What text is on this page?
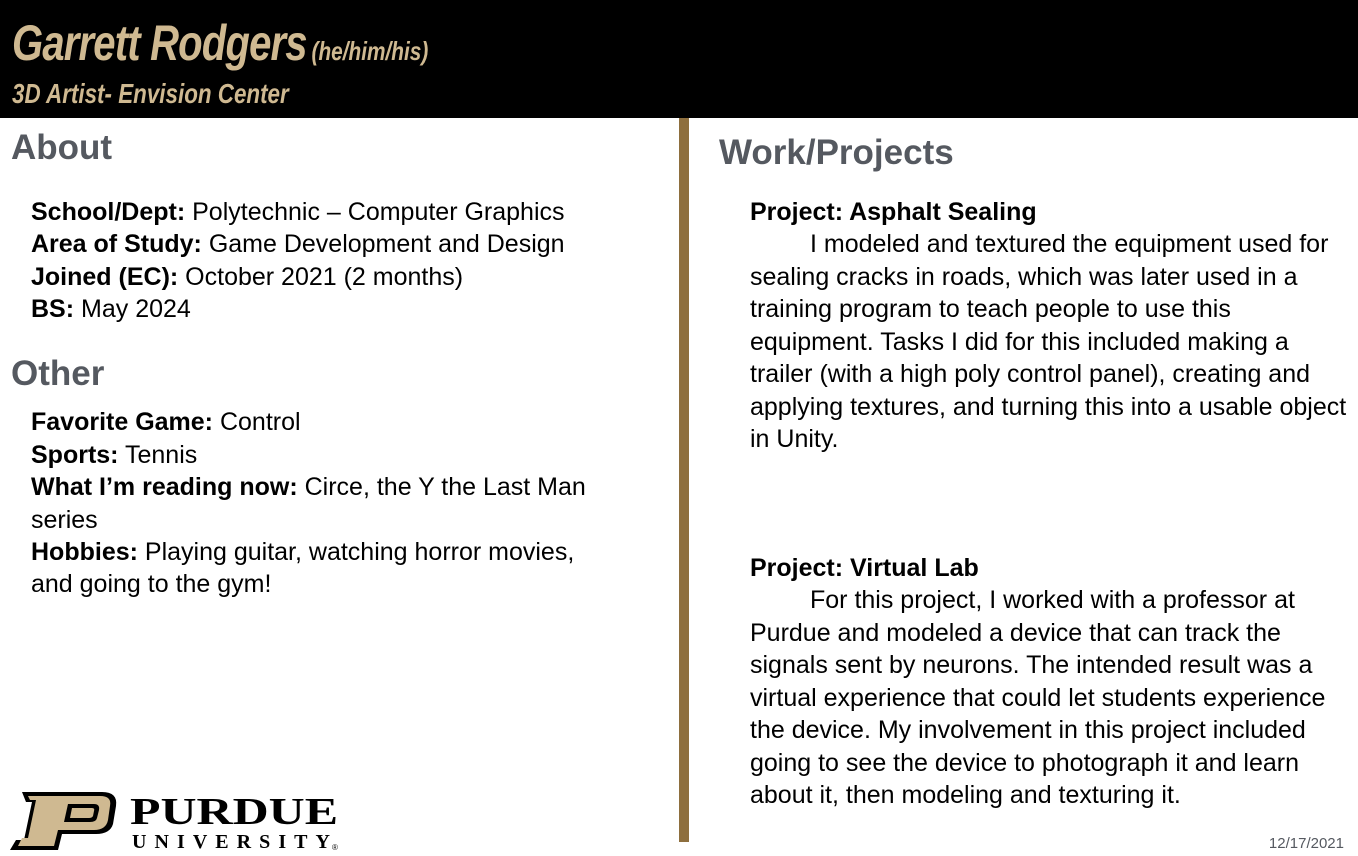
Garrett Rodgers (he/him/his)
3D Artist- Envision Center
About
School/Dept: Polytechnic – Computer Graphics
Area of Study: Game Development and Design
Joined (EC): October 2021 (2 months)
BS: May 2024
Other
Favorite Game: Control
Sports: Tennis
What I’m reading now: Circe, the Y the Last Man
series
Hobbies: Playing guitar, watching horror movies,
and going to the gym!
Work/Projects
Project: Asphalt Sealing
I modeled and textured the equipment used for sealing cracks in roads, which was later used in a training program to teach people to use this equipment. Tasks I did for this included making a trailer (with a high poly control panel), creating and applying textures, and turning this into a usable object in Unity.
Project: Virtual Lab
For this project, I worked with a professor at Purdue and modeled a device that can track the signals sent by neurons. The intended result was a virtual experience that could let students experience the device. My involvement in this project included going to see the device to photograph it and learn about it, then modeling and texturing it.
PURDUE
UNIVERSITY ®	12/17/2021
